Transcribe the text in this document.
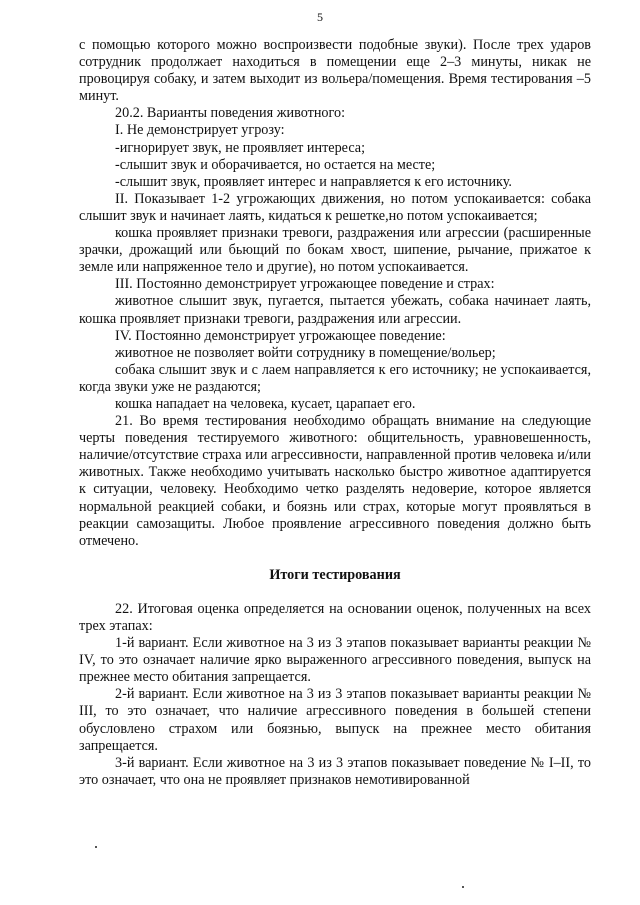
5

с помощью которого можно воспроизвести подобные звуки). После трех ударов сотрудник продолжает находиться в помещении еще 2–3 минуты, никак не провоцируя собаку, и затем выходит из вольера/помещения. Время тестирования –5 минут.

20.2. Варианты поведения животного:

I. Не демонстрирует угрозу:

-игнорирует звук, не проявляет интереса;

-слышит звук и оборачивается, но остается на месте;

-слышит звук, проявляет интерес и направляется к его источнику.

II. Показывает 1-2 угрожающих движения, но потом успокаивается: собака слышит звук и начинает лаять, кидаться к решетке,но потом успокаивается;

кошка проявляет признаки тревоги, раздражения или агрессии (расширенные зрачки, дрожащий или бьющий по бокам хвост, шипение, рычание, прижатое к земле или напряженное тело и другие), но потом успокаивается.

III. Постоянно демонстрирует угрожающее поведение и страх:

животное слышит звук, пугается, пытается убежать, собака начинает лаять, кошка проявляет признаки тревоги, раздражения или агрессии.

IV. Постоянно демонстрирует угрожающее поведение:

животное не позволяет войти сотруднику в помещение/вольер;

собака слышит звук и с лаем направляется к его источнику; не успокаивается, когда звуки уже не раздаются;

кошка нападает на человека, кусает, царапает его.

21. Во время тестирования необходимо обращать внимание на следующие черты поведения тестируемого животного: общительность, уравновешенность, наличие/отсутствие страха или агрессивности, направленной против человека и/или животных. Также необходимо учитывать насколько быстро животное адаптируется к ситуации, человеку. Необходимо четко разделять недоверие, которое является нормальной реакцией собаки, и боязнь или страх, которые могут проявляться в реакции самозащиты. Любое проявление агрессивного поведения должно быть отмечено.

Итоги тестирования

22. Итоговая оценка определяется на основании оценок, полученных на всех трех этапах:

1-й вариант. Если животное на 3 из 3 этапов показывает варианты реакции № IV, то это означает наличие ярко выраженного агрессивного поведения, выпуск на прежнее место обитания запрещается.

2-й вариант. Если животное на 3 из 3 этапов показывает варианты реакции № III, то это означает, что наличие агрессивного поведения в большей степени обусловлено страхом или боязнью, выпуск на прежнее место обитания запрещается.

3-й вариант. Если животное на 3 из 3 этапов показывает поведение № I–II, то это означает, что она не проявляет признаков немотивированной
